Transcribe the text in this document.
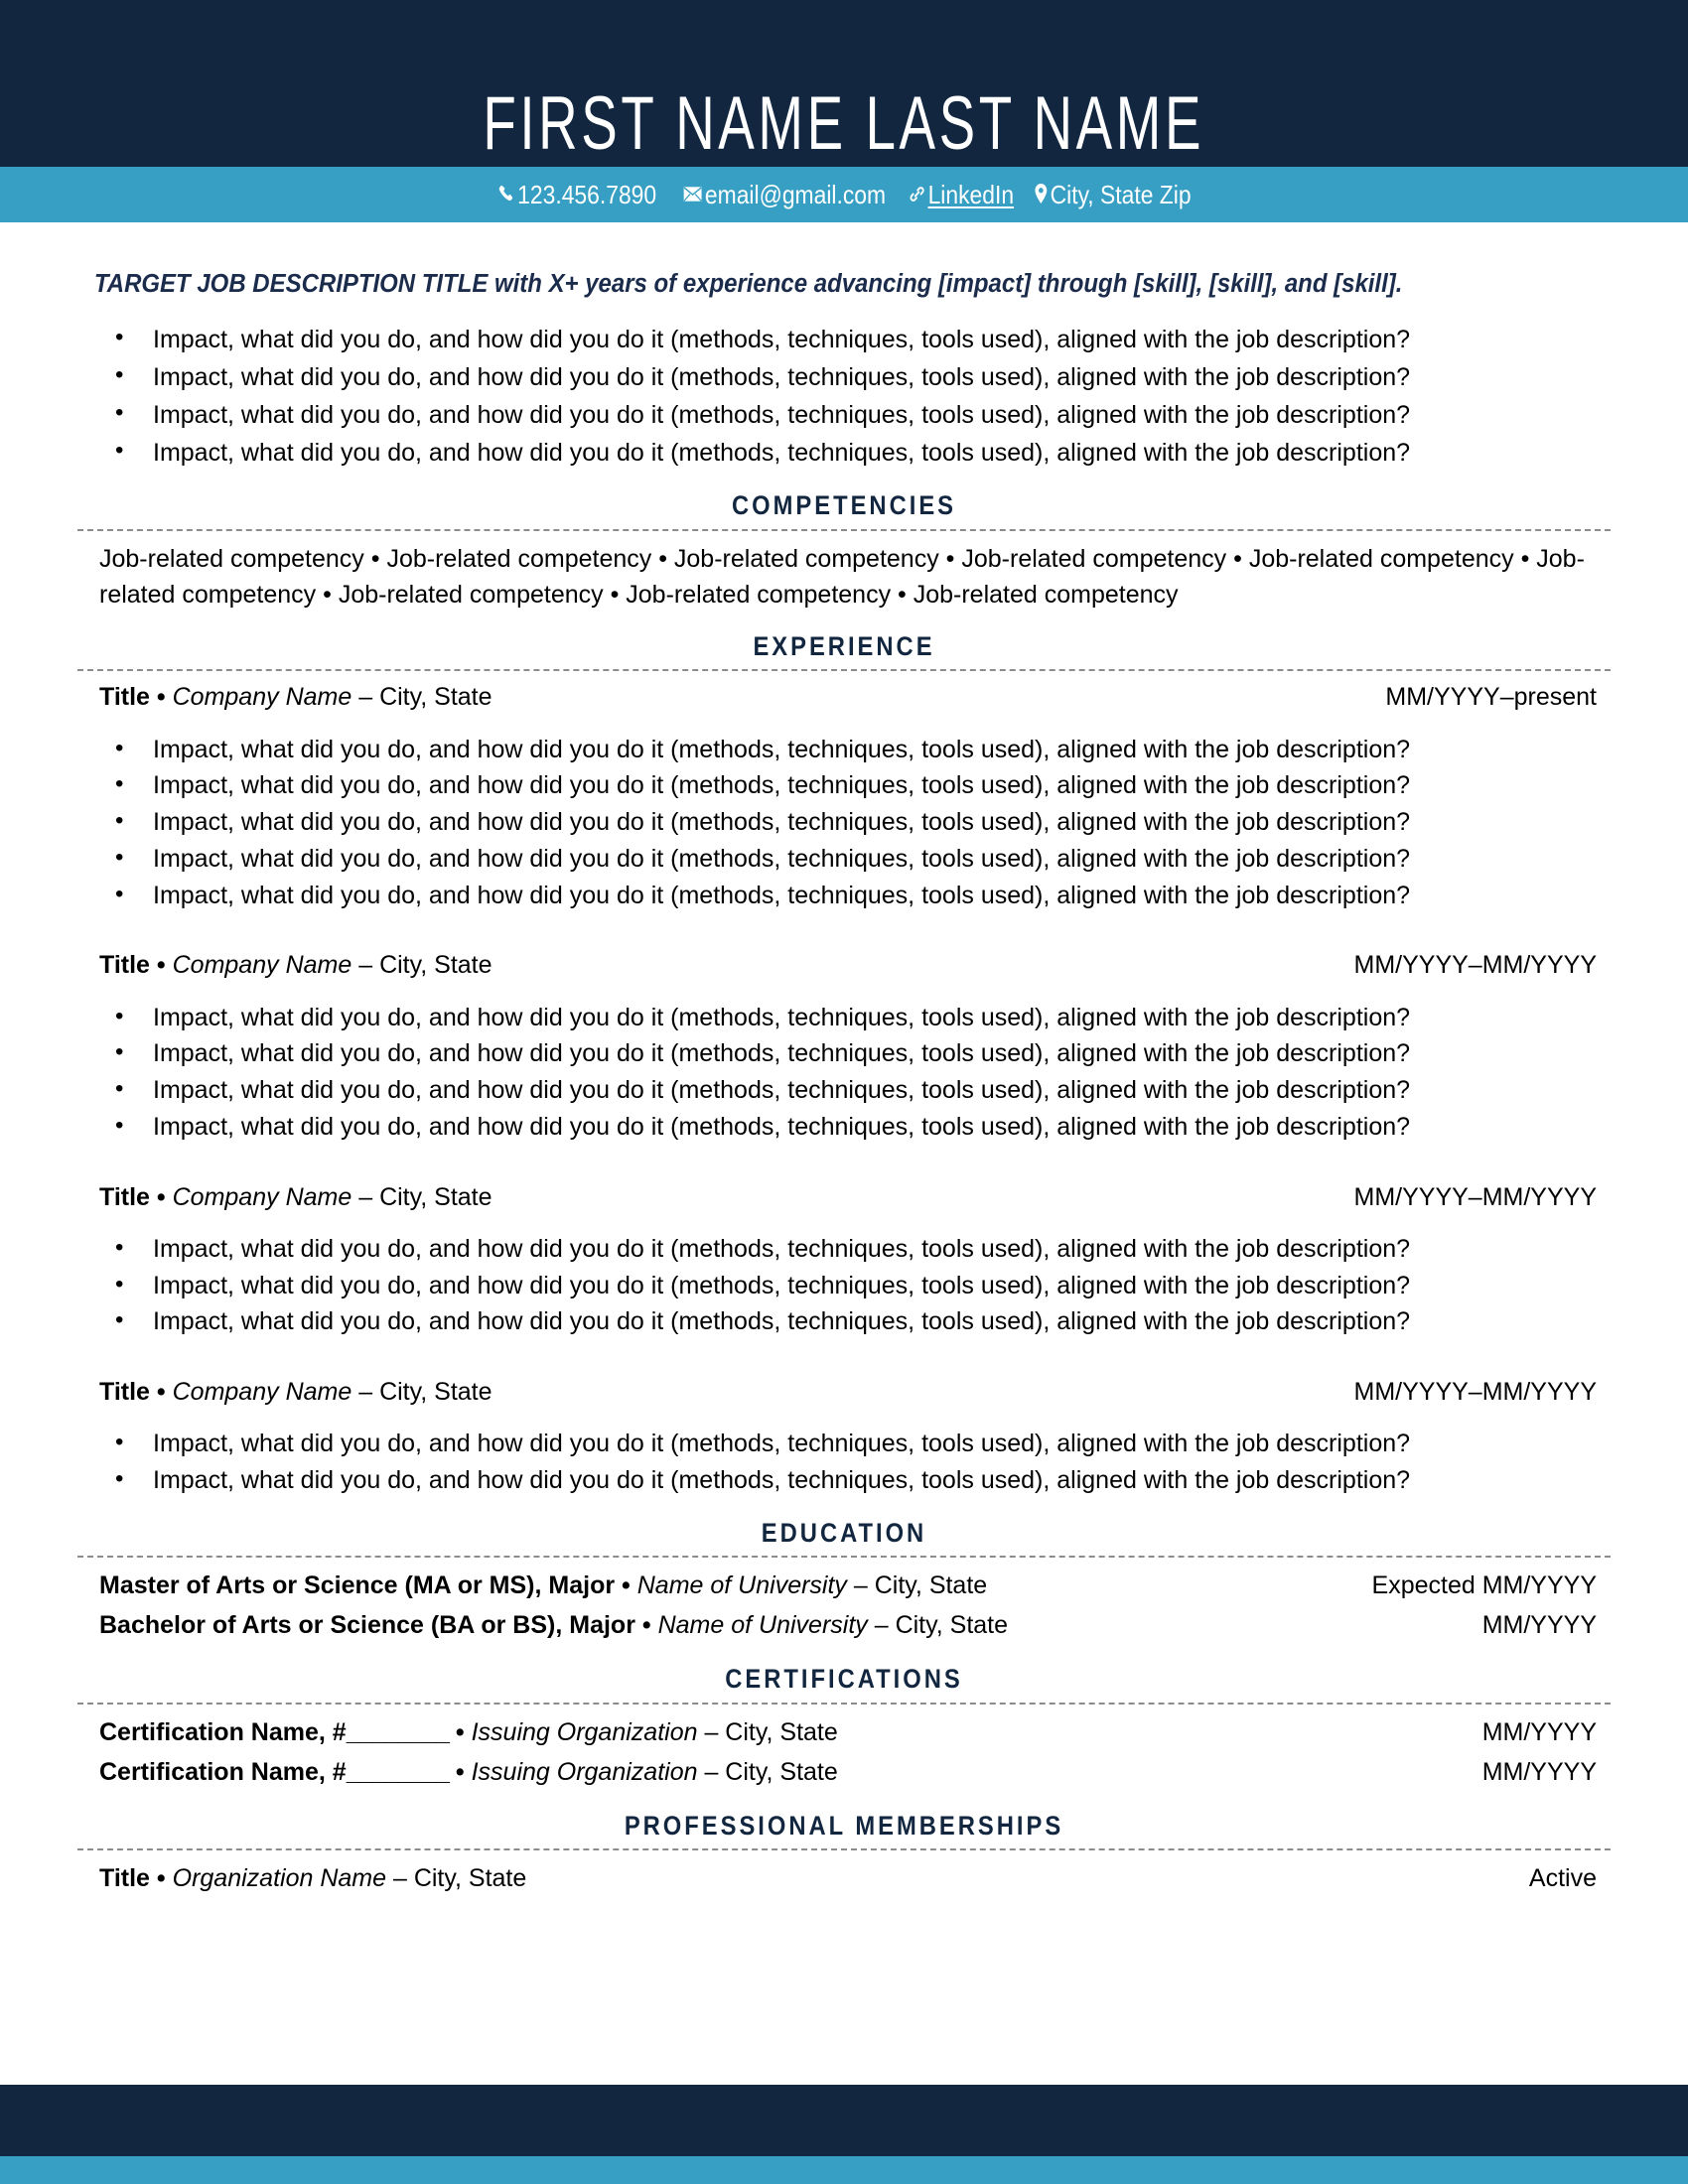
FIRST NAME LAST NAME
123.456.7890 email@gmail.com LinkedIn City, State Zip
TARGET JOB DESCRIPTION TITLE with X+ years of experience advancing [impact] through [skill], [skill], and [skill].
• Impact, what did you do, and how did you do it (methods, techniques, tools used), aligned with the job description?
• Impact, what did you do, and how did you do it (methods, techniques, tools used), aligned with the job description?
• Impact, what did you do, and how did you do it (methods, techniques, tools used), aligned with the job description?
• Impact, what did you do, and how did you do it (methods, techniques, tools used), aligned with the job description?
COMPETENCIES
Job-related competency • Job-related competency • Job-related competency • Job-related competency • Job-related competency • Job-related competency • Job-related competency • Job-related competency • Job-related competency
EXPERIENCE
Title • Company Name – City, State	MM/YYYY–present
• Impact, what did you do, and how did you do it (methods, techniques, tools used), aligned with the job description?
• Impact, what did you do, and how did you do it (methods, techniques, tools used), aligned with the job description?
• Impact, what did you do, and how did you do it (methods, techniques, tools used), aligned with the job description?
• Impact, what did you do, and how did you do it (methods, techniques, tools used), aligned with the job description?
• Impact, what did you do, and how did you do it (methods, techniques, tools used), aligned with the job description?
Title • Company Name – City, State	MM/YYYY–MM/YYYY
• Impact, what did you do, and how did you do it (methods, techniques, tools used), aligned with the job description?
• Impact, what did you do, and how did you do it (methods, techniques, tools used), aligned with the job description?
• Impact, what did you do, and how did you do it (methods, techniques, tools used), aligned with the job description?
• Impact, what did you do, and how did you do it (methods, techniques, tools used), aligned with the job description?
Title • Company Name – City, State	MM/YYYY–MM/YYYY
• Impact, what did you do, and how did you do it (methods, techniques, tools used), aligned with the job description?
• Impact, what did you do, and how did you do it (methods, techniques, tools used), aligned with the job description?
• Impact, what did you do, and how did you do it (methods, techniques, tools used), aligned with the job description?
Title • Company Name – City, State	MM/YYYY–MM/YYYY
• Impact, what did you do, and how did you do it (methods, techniques, tools used), aligned with the job description?
• Impact, what did you do, and how did you do it (methods, techniques, tools used), aligned with the job description?
EDUCATION
Master of Arts or Science (MA or MS), Major • Name of University – City, State	Expected MM/YYYY
Bachelor of Arts or Science (BA or BS), Major • Name of University – City, State	MM/YYYY
CERTIFICATIONS
Certification Name, #________ • Issuing Organization – City, State	MM/YYYY
Certification Name, #________ • Issuing Organization – City, State	MM/YYYY
PROFESSIONAL MEMBERSHIPS
Title • Organization Name – City, State	Active
